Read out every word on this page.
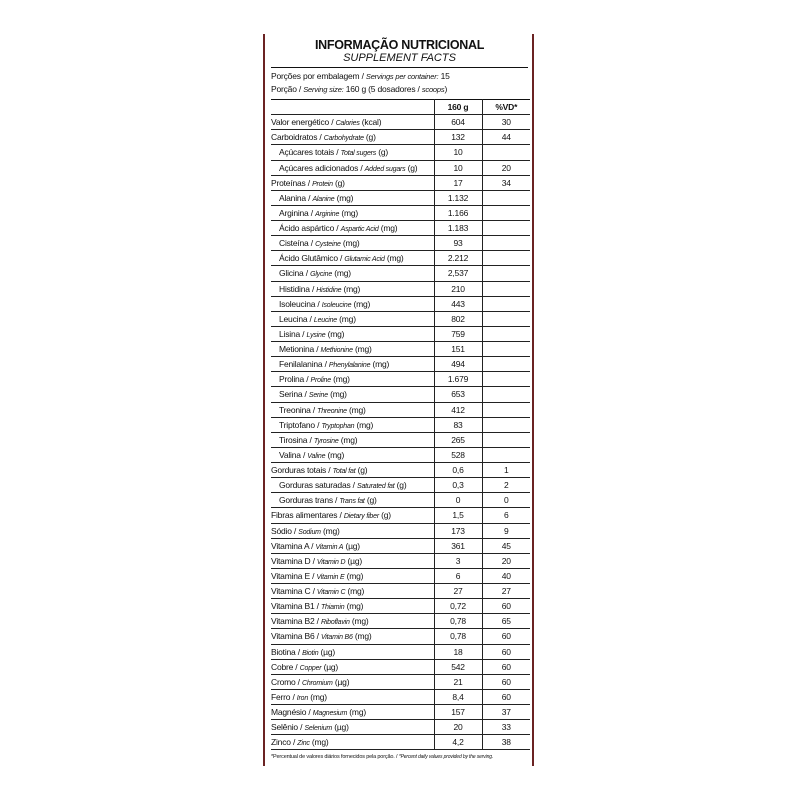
INFORMAÇÃO NUTRICIONAL
SUPPLEMENT FACTS
Porções por embalagem / Servings per container: 15
Porção / Serving size: 160 g (5 dosadores / scoops)
	160 g	%VD*
Valor energético / Calories (kcal)	604	30
Carboidratos / Carbohydrate (g)	132	44
Açúcares totais / Total sugers (g)	10	
Açúcares adicionados / Added sugars (g)	10	20
Proteínas / Protein (g)	17	34
Alanina / Alanine (mg)	1.132	
Arginina / Arginine (mg)	1.166	
Ácido aspártico / Aspartic Acid (mg)	1.183	
Cisteína / Cysteine (mg)	93	
Ácido Glutâmico / Glutamic Acid (mg)	2.212	
Glicina / Glycine (mg)	2,537	
Histidina / Histidine (mg)	210	
Isoleucina / Isoleucine (mg)	443	
Leucina / Leucine (mg)	802	
Lisina / Lysine (mg)	759	
Metionina / Methionine (mg)	151	
Fenilalanina / Phenylalanine (mg)	494	
Prolina / Proline (mg)	1.679	
Serina / Serine (mg)	653	
Treonina / Threonine (mg)	412	
Triptofano / Tryptophan (mg)	83	
Tirosina / Tyrosine (mg)	265	
Valina / Valine (mg)	528	
Gorduras totais / Total fat (g)	0,6	1
Gorduras saturadas / Saturated fat (g)	0,3	2
Gorduras trans / Trans fat (g)	0	0
Fibras alimentares / Dietary fiber (g)	1,5	6
Sódio / Sodium (mg)	173	9
Vitamina A / Vitamin A (µg)	361	45
Vitamina D / Vitamin D (µg)	3	20
Vitamina E / Vitamin E (mg)	6	40
Vitamina C / Vitamin C (mg)	27	27
Vitamina B1 / Thiamin (mg)	0,72	60
Vitamina B2 / Riboflavin (mg)	0,78	65
Vitamina B6 / Vitamin B6 (mg)	0,78	60
Biotina / Biotin (µg)	18	60
Cobre / Copper (µg)	542	60
Cromo / Chromium (µg)	21	60
Ferro / Iron (mg)	8,4	60
Magnésio / Magnesium (mg)	157	37
Selênio / Selenium (µg)	20	33
Zinco / Zinc (mg)	4,2	38
*Percentual de valores diários fornecidos pela porção. / *Percent daily values provided by the serving.
